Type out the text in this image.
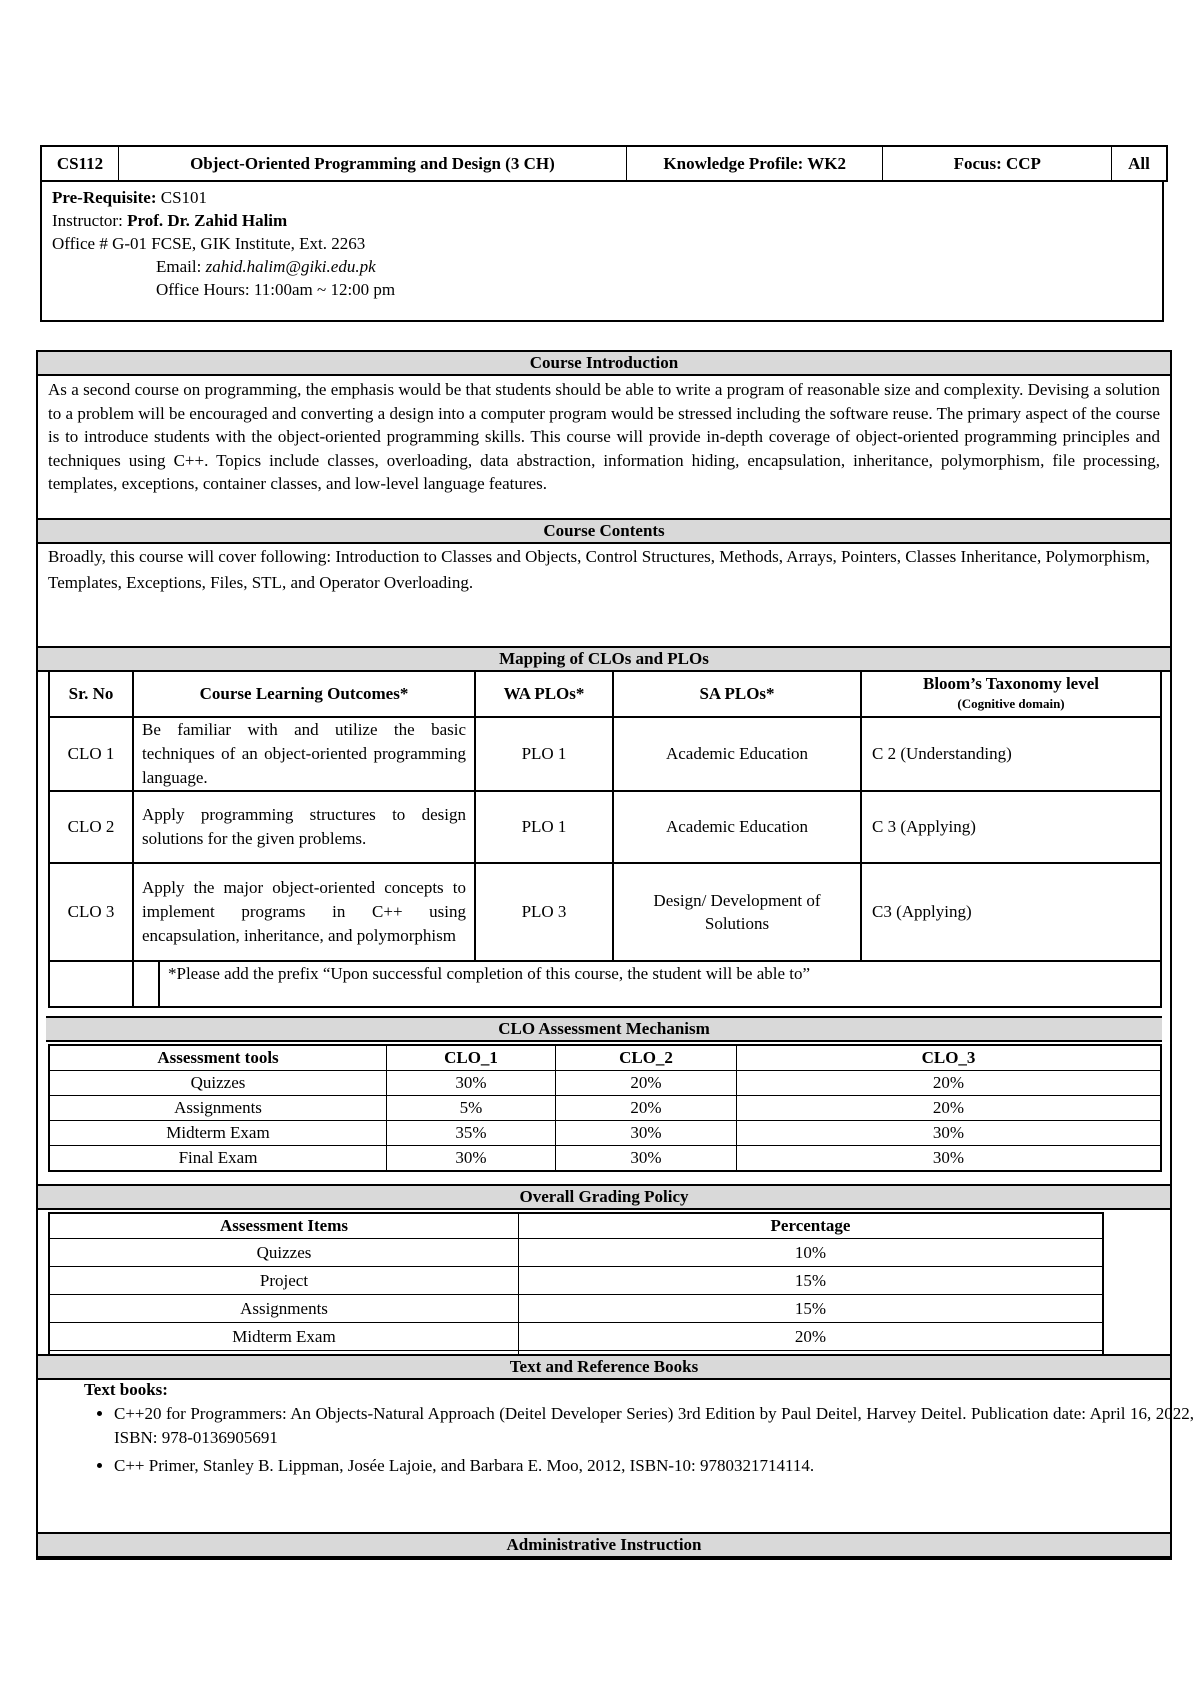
CS112	Object-Oriented Programming and Design (3 CH)	Knowledge Profile: WK2	Focus: CCP	All
Pre-Requisite: CS101
Instructor: Prof. Dr. Zahid Halim
Office # G-01 FCSE, GIK Institute, Ext. 2263
Email: zahid.halim@giki.edu.pk
Office Hours: 11:00am ~ 12:00 pm
Course Introduction
As a second course on programming, the emphasis would be that students should be able to write a program of reasonable size and complexity. Devising a solution to a problem will be encouraged and converting a design into a computer program would be stressed including the software reuse. The primary aspect of the course is to introduce students with the object-oriented programming skills. This course will provide in-depth coverage of object-oriented programming principles and techniques using C++. Topics include classes, overloading, data abstraction, information hiding, encapsulation, inheritance, polymorphism, file processing, templates, exceptions, container classes, and low-level language features.
Course Contents
Broadly, this course will cover following: Introduction to Classes and Objects, Control Structures, Methods, Arrays, Pointers, Classes Inheritance, Polymorphism, Templates, Exceptions, Files, STL, and Operator Overloading.
Mapping of CLOs and PLOs
Sr. No	Course Learning Outcomes*	WA PLOs*	SA PLOs*	Bloom’s Taxonomy level
(Cognitive domain)

CLO 1	Be familiar with and utilize the basic techniques of an object-oriented programming language.	PLO 1	Academic Education	C 2 (Understanding)
CLO 2	Apply programming structures to design solutions for the given problems.	PLO 1	Academic Education	C 3 (Applying)
CLO 3	Apply the major object-oriented concepts to implement programs in C++ using encapsulation, inheritance, and polymorphism	PLO 3	Design/ Development of Solutions	C3 (Applying)

	*Please add the prefix “Upon successful completion of this course, the student will be able to”			
CLO Assessment Mechanism
Assessment tools	CLO_1	CLO_2	CLO_3
Quizzes	30%	20%	20%
Assignments	5%	20%	20%
Midterm Exam	35%	30%	30%
Final Exam	30%	30%	30%
Overall Grading Policy
Assessment Items	Percentage
Quizzes	10%
Project	15%
Assignments	15%
Midterm Exam	20%

Text and Reference Books
Text books:
• C++20 for Programmers: An Objects-Natural Approach (Deitel Developer Series) 3rd Edition by Paul Deitel, Harvey Deitel. Publication date: April 16, 2022, ISBN: 978-0136905691
• C++ Primer, Stanley B. Lippman, Josée Lajoie, and Barbara E. Moo, 2012, ISBN-10: 9780321714114.
Administrative Instruction
